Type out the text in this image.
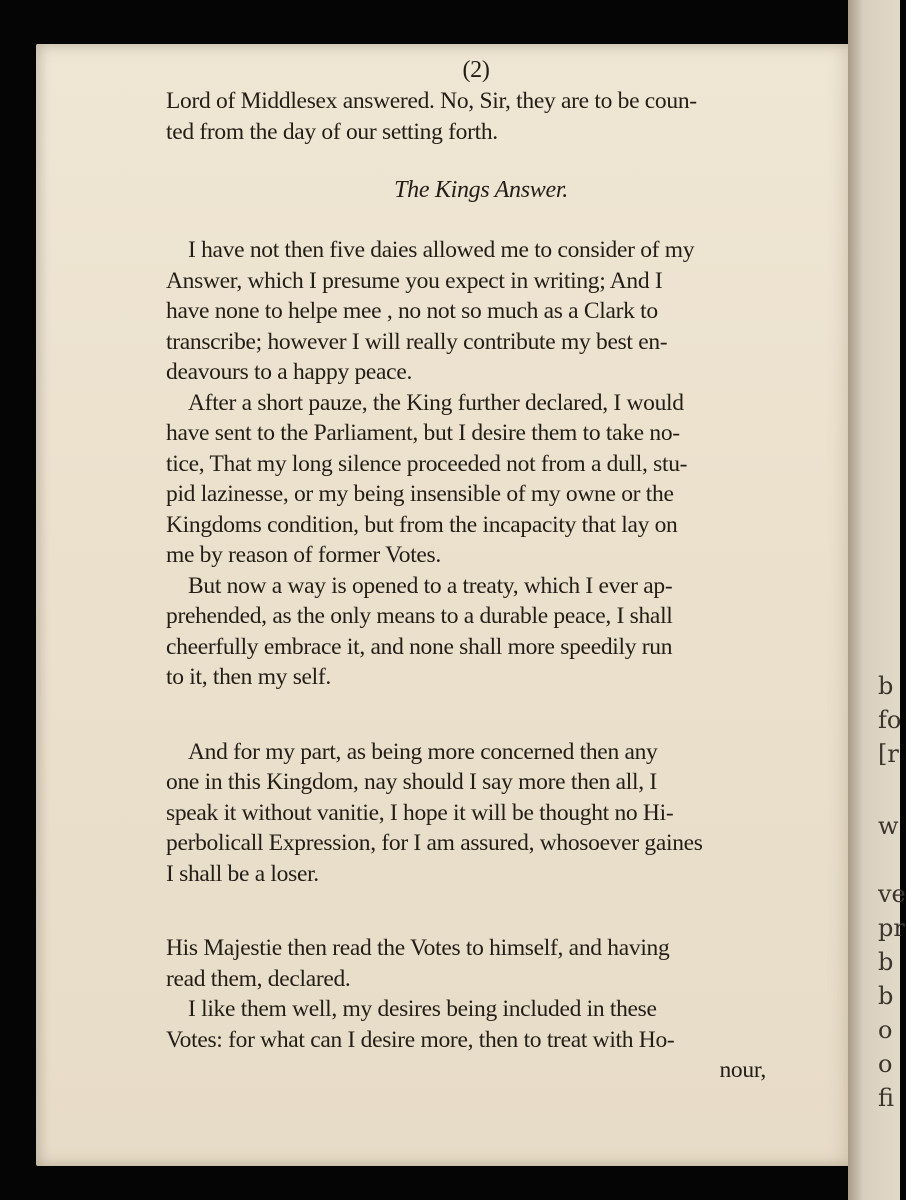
b
fo
[r
w
ve
pr
b
b
o
o
fi
(2)
Lord of Middlesex answered. No, Sir, they are to be coun-
ted from the day of our setting forth.
The Kings Answer.
I have not then five daies allowed me to consider of my
Answer, which I presume you expect in writing; And I
have none to helpe mee , no not so much as a Clark to
transcribe; however I will really contribute my best en-
deavours to a happy peace.
After a short pauze, the King further declared, I would
have sent to the Parliament, but I desire them to take no-
tice, That my long silence proceeded not from a dull, stu-
pid lazinesse, or my being insensible of my owne or the
Kingdoms condition, but from the incapacity that lay on
me by reason of former Votes.
But now a way is opened to a treaty, which I ever ap-
prehended, as the only means to a durable peace, I shall
cheerfully embrace it, and none shall more speedily run
to it, then my self.
And for my part, as being more concerned then any
one in this Kingdom, nay should I say more then all, I
speak it without vanitie, I hope it will be thought no Hi-
perbolicall Expression, for I am assured, whosoever gaines
I shall be a loser.
His Majestie then read the Votes to himself, and having
read them, declared.
I like them well, my desires being included in these
Votes: for what can I desire more, then to treat with Ho-
nour,
